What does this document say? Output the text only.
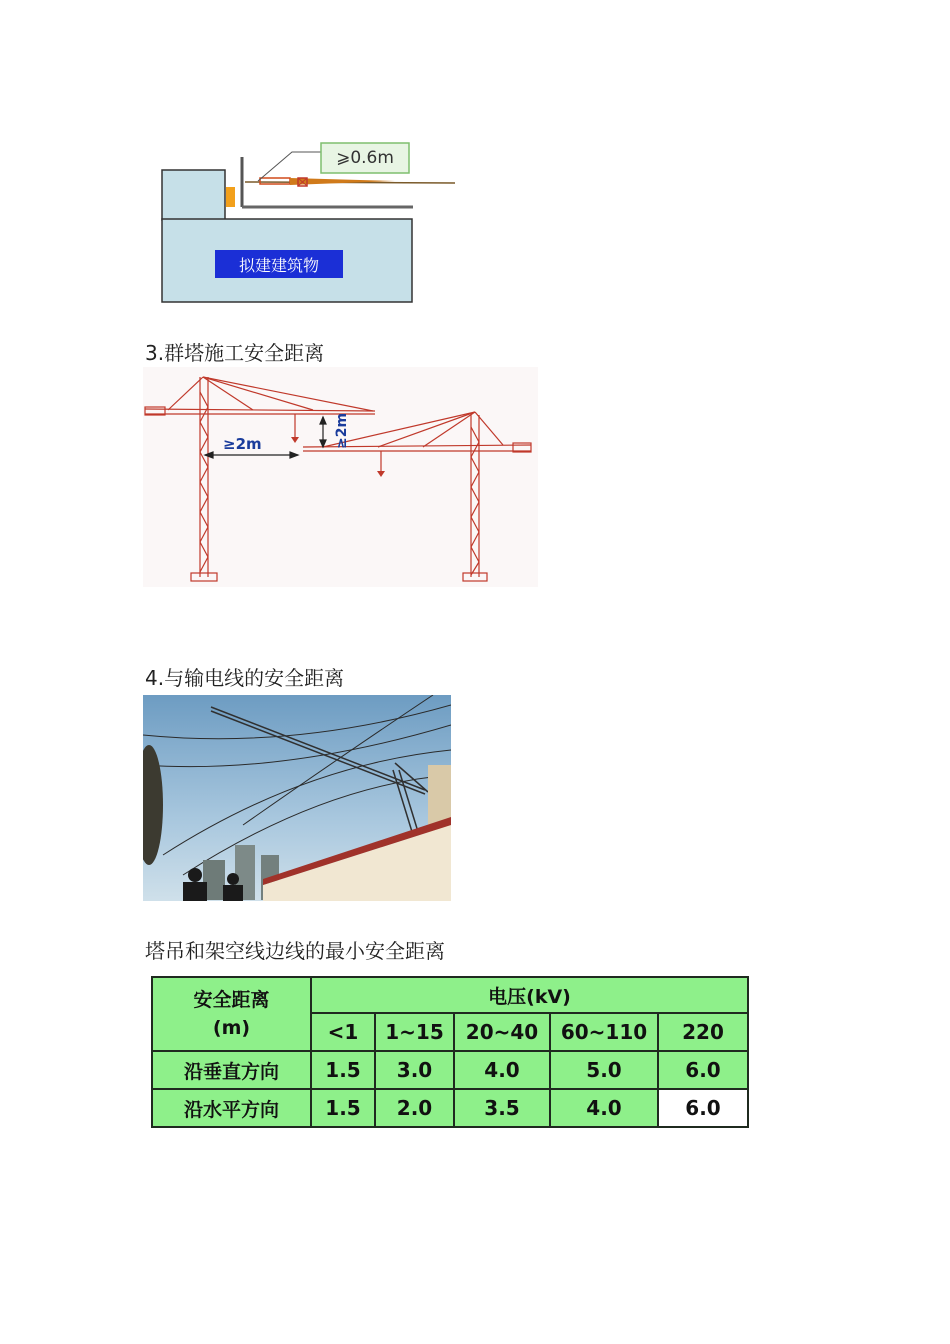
⩾0.6m
拟建建筑物
3.群塔施工安全距离
≥2m	≥2m
4.与输电线的安全距离
塔吊和架空线边线的最小安全距离
安全距离
(m)	电压(kV)				
	<1	1~15	20~40	60~110	220
沿垂直方向	1.5	3.0	4.0	5.0	6.0
沿水平方向	1.5	2.0	3.5	4.0	6.0
